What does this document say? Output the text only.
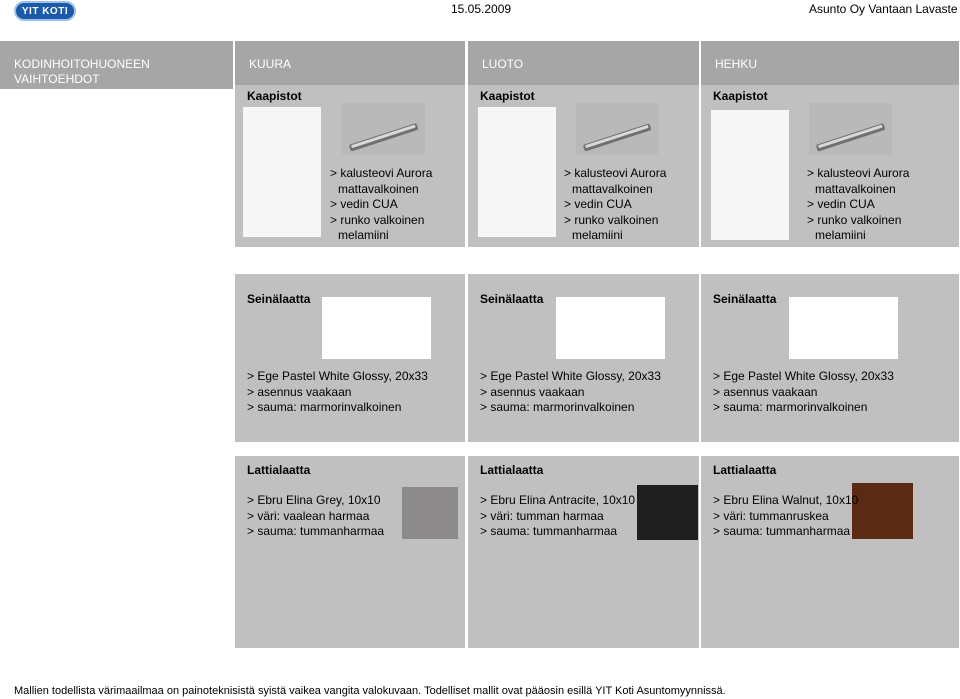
YIT KOTI	15.05.2009	Asunto Oy Vantaan Lavaste
KODINHOITOHUONEEN VAIHTOEHDOT
( 3h - 4h asunnot )
KUURA
Kaapistot
> kalusteovi Aurora
mattavalkoinen
> vedin CUA
> runko valkoinen
melamiini
Seinälaatta
> Ege Pastel White Glossy, 20x33
> asennus vaakaan
> sauma: marmorinvalkoinen
Lattialaatta
> Ebru Elina Grey, 10x10
> väri: vaalean harmaa
> sauma: tummanharmaa
LUOTO
Kaapistot
> kalusteovi Aurora
mattavalkoinen
> vedin CUA
> runko valkoinen
melamiini
Seinälaatta
> Ege Pastel White Glossy, 20x33
> asennus vaakaan
> sauma: marmorinvalkoinen
Lattialaatta
> Ebru Elina Antracite, 10x10
> väri: tumman harmaa
> sauma: tummanharmaa
HEHKU
Kaapistot
> kalusteovi Aurora
mattavalkoinen
> vedin CUA
> runko valkoinen
melamiini
Seinälaatta
> Ege Pastel White Glossy, 20x33
> asennus vaakaan
> sauma: marmorinvalkoinen
Lattialaatta
> Ebru Elina Walnut, 10x10
> väri: tummanruskea
> sauma: tummanharmaa
Mallien todellista värimaailmaa on painoteknisistä syistä vaikea vangita valokuvaan. Todelliset mallit ovat pääosin esillä YIT Koti Asuntomyynnissä.
